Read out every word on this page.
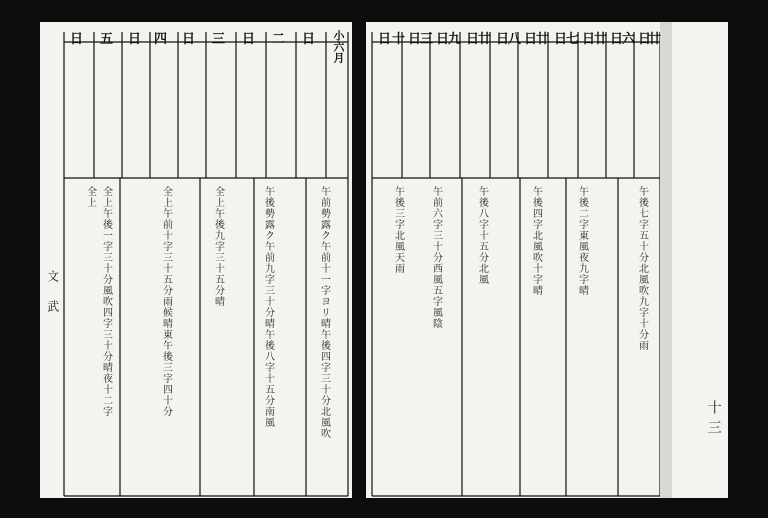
日 五 日 四 日 三 日 二 日 小六月	日 十 日
三 日
九 日
廿 日
八 日
廿 日
七 日
廿 日
六 日
廿
午前勢露ク午前十一字ヨリ晴午後四字三十分北風吹
午後勢露ク午前九字三十分晴午後八字十五分南風
全上午後九字三十五分晴
全上午前十字三十五分雨候晴東午後三字四十分
全上午後一字三十分風吹四字三十分晴夜十二字
全上
文
武	午後七字五十分北風吹九字十分雨
午後二字東風夜九字晴
午後四字北風吹十字晴
午後八字十五分北風
午前六字三十分西風五字風陰
午後三字北風天雨
十
三
